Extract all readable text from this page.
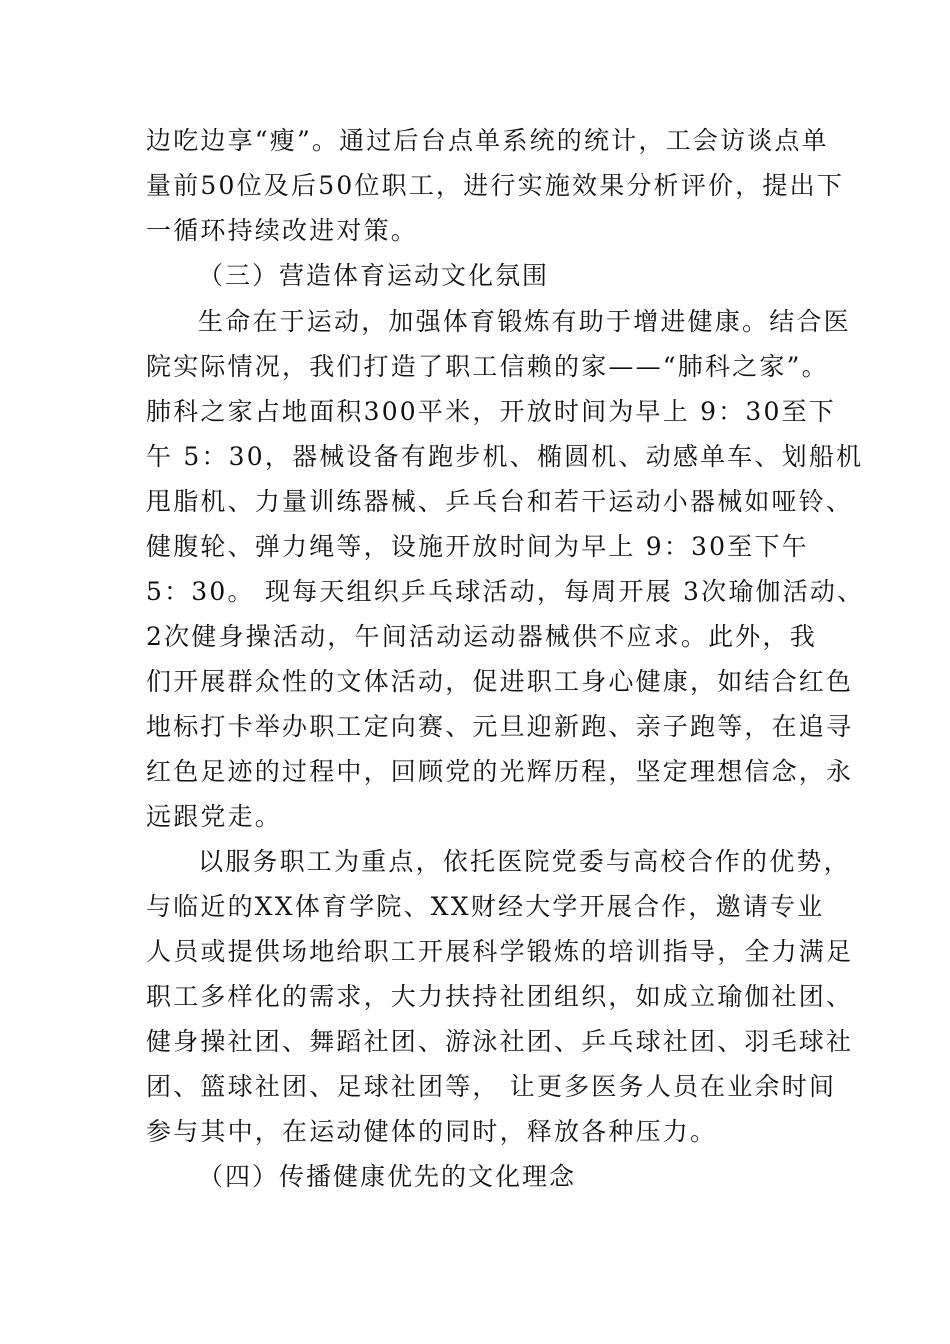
边吃边享“瘦”。通过后台点单系统的统计，工会访谈点单
量前50位及后50位职工，进行实施效果分析评价，提出下
一循环持续改进对策。
（三）营造体育运动文化氛围
生命在于运动，加强体育锻炼有助于增进健康。结合医
院实际情况，我们打造了职工信赖的家——“肺科之家”。
肺科之家占地面积300平米，开放时间为早上 9：30至下
午 5：30，器械设备有跑步机、椭圆机、动感单车、划船机
甩脂机、力量训练器械、乒乓台和若干运动小器械如哑铃、
健腹轮、弹力绳等，设施开放时间为早上 9：30至下午
5：30。 现每天组织乒乓球活动，每周开展 3次瑜伽活动、
2次健身操活动，午间活动运动器械供不应求。此外，我
们开展群众性的文体活动，促进职工身心健康，如结合红色
地标打卡举办职工定向赛、元旦迎新跑、亲子跑等，在追寻
红色足迹的过程中，回顾党的光辉历程，坚定理想信念，永
远跟党走。
以服务职工为重点，依托医院党委与高校合作的优势，
与临近的XX体育学院、XX财经大学开展合作，邀请专业
人员或提供场地给职工开展科学锻炼的培训指导，全力满足
职工多样化的需求，大力扶持社团组织，如成立瑜伽社团、
健身操社团、舞蹈社团、游泳社团、乒乓球社团、羽毛球社
团、篮球社团、足球社团等， 让更多医务人员在业余时间
参与其中，在运动健体的同时，释放各种压力。
（四）传播健康优先的文化理念
